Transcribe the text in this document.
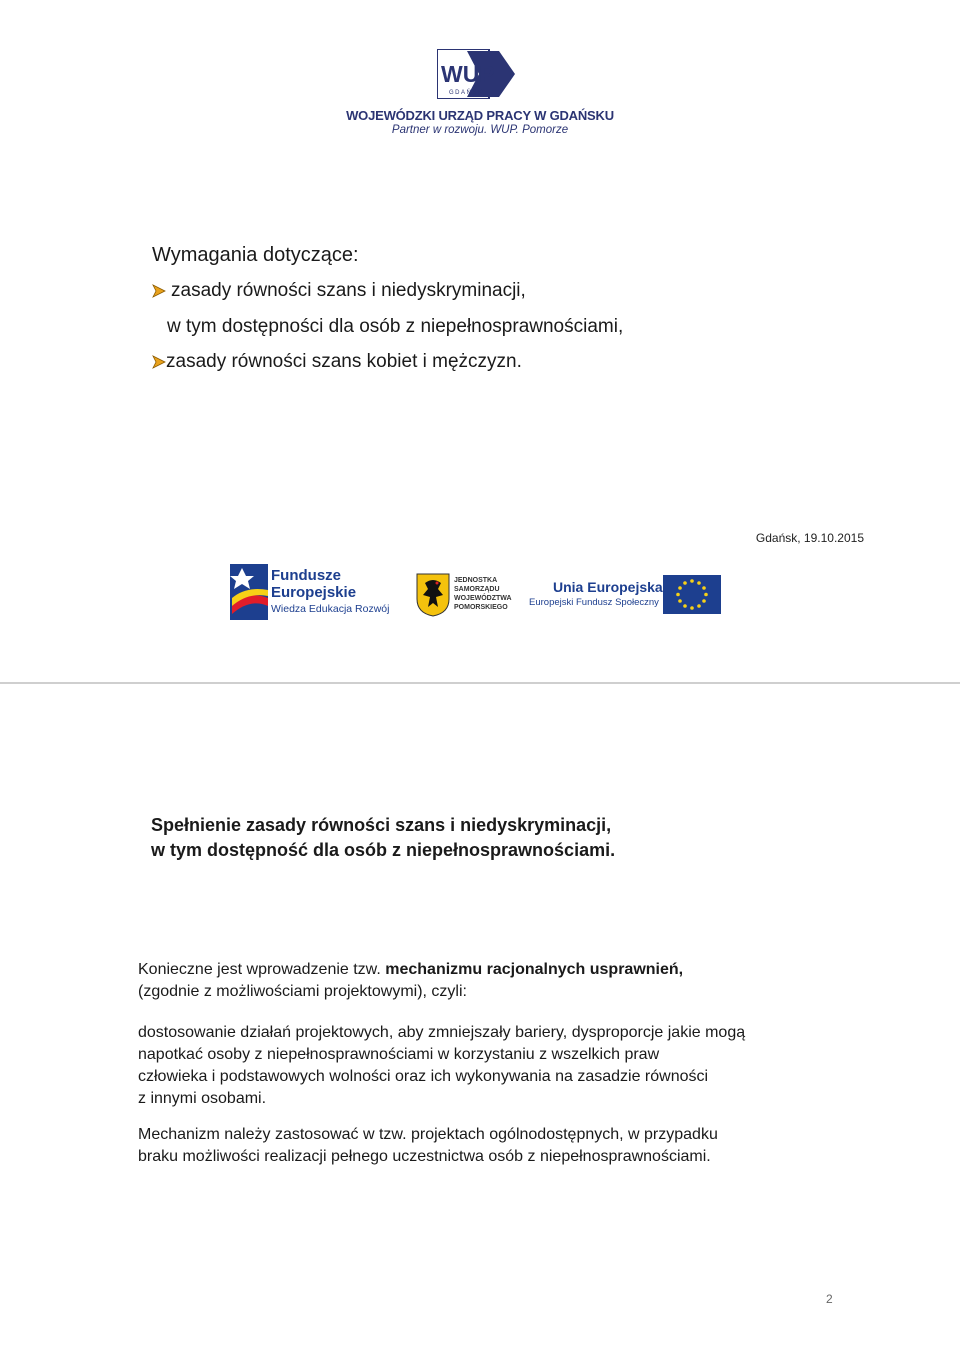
WUP
GDAŃSK
WOJEWÓDZKI URZĄD PRACY W GDAŃSKU
Partner w rozwoju. WUP. Pomorze
Wymagania dotyczące:
zasady równości szans i niedyskryminacji,
w tym dostępności dla osób z niepełnosprawnościami,
zasady równości szans kobiet i mężczyzn.
Gdańsk, 19.10.2015
Fundusze
Europejskie
Wiedza Edukacja Rozwój
JEDNOSTKA
SAMORZĄDU
WOJEWÓDZTWA
POMORSKIEGO
Unia Europejska
Europejski Fundusz Społeczny
Spełnienie zasady równości szans i niedyskryminacji,
w tym dostępność dla osób z niepełnosprawnościami.
Konieczne jest wprowadzenie tzw. mechanizmu racjonalnych usprawnień,
(zgodnie z możliwościami projektowymi), czyli:
dostosowanie działań projektowych, aby zmniejszały bariery, dysproporcje jakie mogą
napotkać osoby z niepełnosprawnościami w korzystaniu z wszelkich praw
człowieka i podstawowych wolności oraz ich wykonywania na zasadzie równości
z innymi osobami.
Mechanizm należy zastosować w tzw. projektach ogólnodostępnych, w przypadku
braku możliwości realizacji pełnego uczestnictwa osób z niepełnosprawnościami.
2
